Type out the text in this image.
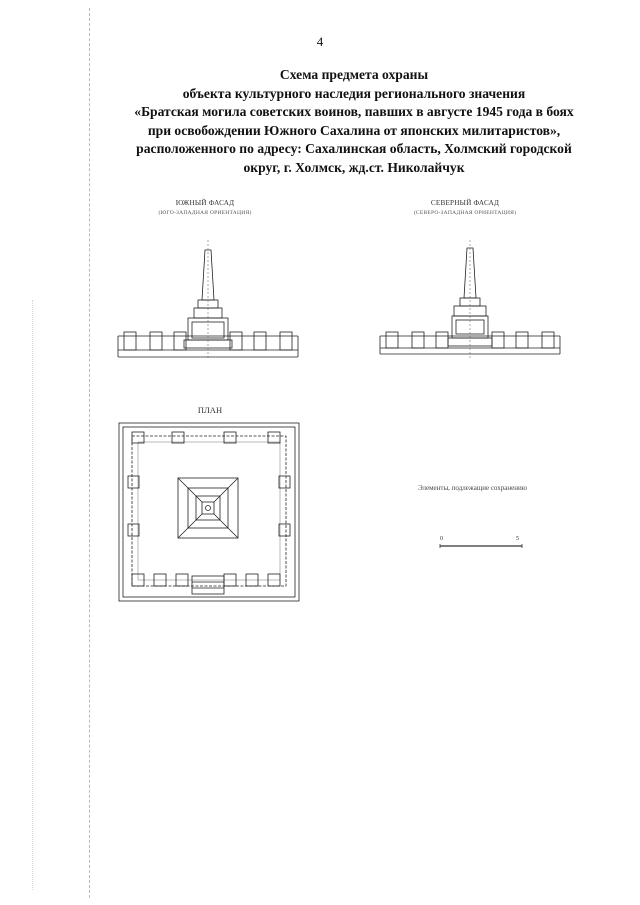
4
Схема предмета охраны
объекта культурного наследия регионального значения
«Братская могила советских воинов, павших в августе 1945 года в боях
при освобождении Южного Сахалина от японских милитаристов»,
расположенного по адресу: Сахалинская область, Холмский городской
округ, г. Холмск, жд.ст. Николайчук
ЮЖНЫЙ ФАСАД
(ЮГО-ЗАПАДНАЯ ОРИЕНТАЦИЯ)
СЕВЕРНЫЙ ФАСАД
(СЕВЕРО-ЗАПАДНАЯ ОРИЕНТАЦИЯ)
ПЛАН
Элементы, подлежащие сохранению
0	5
